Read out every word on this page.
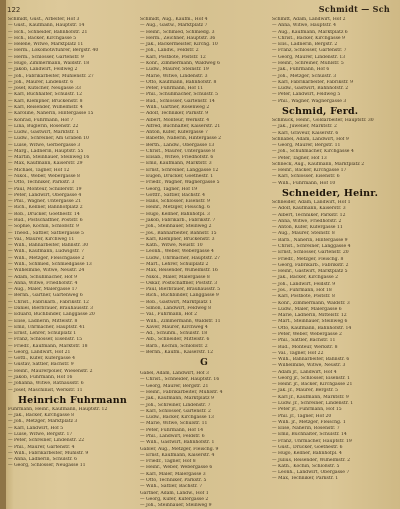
122	Schmidt — Sch
Schmidt, Gust., Arbeiter, Hof 3
— Gust., Kaufmann, Hauptstr. 14
— Hch., Schneider, Bahnhofstr. 21
— Hch., Bäcker, Kirchgasse 5
— Helene, Witwe, Marktplatz 11
— Herm., Lokomotivführer, Bergstr. 40
— Herm., Schlosser, Gartenstr. 9
— Hugo, Zimmermann, Waldstr. 18
— Jakob, Landwirt, Feldweg 2
— Joh., Fabrikarbeiter, Mühlenstr. 27
— Joh., Maurer, Lindenstr. 6
— Josef, Kutscher, Neugasse 33
— Karl, Buchhalter, Schulstr. 12
— Karl, Klempner, Brückenstr. 8
— Karl, Reisender, Wilhelmstr. 4
— Karoline, Näherin, Hintergasse 15
— Konrad, Fuhrmann, Hof 7
— Lina, Büglerin, Rosenstr. 22
— Ludw., Gastwirt, Marktstr. 1
— Ludw., Schreiner, Am Graben 10
— Luise, Witwe, Gerbergasse 3
— Marg., Ladnerin, Hauptstr. 55
— Martin, Steinhauer, Steinweg 16
— Max, Kaufmann, Kaiserstr. 29
— Michael, Tagner, Hof 12
— Nikol., Weber, Webergasse 8
— Otto, Techniker, Parkstr. 3
— Paul, Monteur, Schillerstr. 19
— Peter, Landwirt, Obergasse 4
— Phil., Wagner, Untergasse 21
— Rich., Kellner, Bahnhofplatz 2
— Rob., Drucker, Goethestr. 14
— Rud., Postschaffner, Poststr. 6
— Sophie, Köchin, Schloßstr. 9
— Theod., Sattler, Sattlergasse 5
— Val., Maurer, Kirchweg 11
— Wilh., Bahnarbeiter, Bahnstr. 30
— Wilh., Kaufmann, Ludwigstr. 7
— Wilh., Metzger, Fleischgasse 2
— Wilh., Schmied, Schmiedgasse 13
— Wilhelmine, Witwe, Neustr. 24
— Adam, Schuhmacher, Hof 9
— Anna, Witwe, Friedhofstr. 4
— Aug., Maler, Malergasse 17
— Bernh., Gärtner, Gartenweg 6
— Christ., Fabrikarb., Fabrikstr. 12
— Daniel, Bierbrauer, Brauhausstr. 3
— Eduard, Buchbinder, Langgasse 20
— Elise, Ladnerin, Mittelstr. 8
— Emil, Uhrmacher, Hauptstr. 41
— Ernst, Lehrer, Schulplatz 1
— Franz, Schlosser, Eisenstr. 15
— Friedr., Kaufmann, Marktstr. 18
— Georg, Landwirt, Hof 21
— Gottl., Küfer, Küfergasse 4
— Gustav, Sattler, Bachstr. 9
— Heinr., Maurerpolier, Wiesenstr. 2
— Jakob, Fuhrmann, Hof 16
— Johanna, Witwe, Rathausstr. 6
— Josef, Maschinist, Werkstr. 11
Heinrich Fuhrmann
Fuhrmann, Heinr., Kaufmann, Hauptstr. 12
— Jak., Bäcker, Kirchgasse 8
— Joh., Metzger, Marktplatz 3
— Karl, Landwirt, Hof 5
— Luise, Witwe, Bergstr. 17
— Peter, Schreiner, Lindenstr. 22
— Phil., Maurer, Gartenstr. 4
— Wilh., Fabrikarbeiter, Mühlstr. 9
— Anna, Ladnerin, Schulstr. 6
— Georg, Schlosser, Neugasse 11
Schmidt, Aug., Kaufm., Hof 4
— Aug., Gastw., Marktplatz 7
— Heinr., Schmied, Schmiedg. 3
— Herm., Zeichner, Hauptstr. 36
— Jak., Bäckermeister, Kirchg. 10
— Joh., Landw., Feldstr. 2
— Karl, Postbote, Poststr. 12
— Konr., Zimmermann, Waldweg 6
— Ludw., Maurer, Steinstr. 19
— Marie, Witwe, Lindenstr. 3
— Otto, Kaufmann, Bahnhofstr. 8
— Peter, Fuhrmann, Hof 11
— Phil., Schuhmacher, Schulstr. 5
— Rud., Schlosser, Gartenstr. 14
— Wilh., Gärtner, Rosenweg 2
— Adolf, Techniker, Parkstr. 9
— Albert, Monteur, Werkstr. 4
— Alfred, Buchhalter, Kaiserstr. 21
— Anton, Küfer, Küfergasse 7
— Babette, Näherin, Hintergasse 2
— Berth., Landw., Obergasse 13
— Christ., Maurer, Untergasse 8
— Elisab., Witwe, Friedhofstr. 6
— Emil, Kaufmann, Marktstr. 3
— Ernst, Schreiner, Langgasse 12
— Eugen, Drucker, Goethestr. 1
— Friedr., Wagner, Wagnergasse 5
— Georg, Tagner, Hof 19
— Gottfr., Sattler, Bachstr. 4
— Hans, Schlosser, Eisenstr. 9
— Heinr., Metzger, Fleischg. 6
— Hugo, Kellner, Bahnhofpl. 3
— Jakob, Fabrikarb., Fabrikstr. 7
— Joh., Steinhauer, Steinweg 2
— Jos., Bahnarbeiter, Bahnstr. 15
— Karl, Klempner, Brückenstr. 3
— Kath., Witwe, Neustr. 10
— Leonh., Weber, Webergasse 4
— Ludw., Uhrmacher, Hauptstr. 27
— Mart., Lehrer, Schulplatz 2
— Max, Reisender, Wilhelmstr. 16
— Nikol., Maler, Malergasse 8
— Oskar, Postschaffner, Poststr. 3
— Paul, Bierbrauer, Brauhausstr. 5
— Rich., Buchbinder, Langgasse 9
— Rob., Gastwirt, Marktplatz 1
— Simon, Landwirt, Feldweg 8
— Val., Fuhrmann, Hof 2
— Wilh., Zimmermann, Waldstr. 11
— Xaver, Maurer, Kirchweg 4
— Ad., Schuhm., Schulstr. 18
— Alb., Schneider, Mittelstr. 6
— Barb., Köchin, Schloßstr. 2
— Bernh., Kaufm., Kaiserstr. 12
G
Gabel, Adam, Landwirt, Hof 3
— Christ., Schneider, Hauptstr. 16
— Georg, Maurer, Bergstr. 21
— Heinr., Fabrikarbeiter, Mühlstr. 4
— Jak., Kaufmann, Marktplatz 9
— Joh., Schreiner, Lindenstr. 7
— Karl, Schlosser, Gartenstr. 2
— Ludw., Bäcker, Kirchgasse 13
— Marie, Witwe, Schulstr. 11
— Peter, Fuhrmann, Hof 14
— Phil., Landwirt, Feldstr. 6
— Wilh., Gastwirt, Bahnhofstr. 1
Gabler, Aug., Metzger, Fleischg. 9
— Ernst, Kaufmann, Kaiserstr. 4
— Friedr., Tagner, Hof 8
— Heinr., Weber, Webergasse 6
— Karl, Maler, Malergasse 3
— Otto, Techniker, Parkstr. 5
— Wilh., Sattler, Bachstr. 7
Gärtner, Adam, Landw., Hof 1
— Georg, Küfer, Küfergasse 2
— Joh., Steinhauer, Steinweg 9
Schmitt, Adam, Landwirt, Hof 2
— Anna, Witwe, Hauptstr. 4
— Aug., Kaufmann, Marktplatz 6
— Christ., Bäcker, Kirchgasse 9
— Elis., Ladnerin, Bergstr. 2
— Franz, Schlosser, Gartenstr. 7
— Georg, Maurer, Lindenstr. 13
— Heinr., Schreiner, Mühlstr. 5
— Jak., Fuhrmann, Hof 6
— Joh., Metzger, Schulstr. 3
— Karl, Fabrikarbeiter, Fabrikstr. 9
— Ludw., Gastwirt, Bahnhofstr. 2
— Peter, Landwirt, Feldweg 5
— Phil., Wagner, Wagnergasse 3
Schmid, Ferd.
Schmuck, Heinr., Goldarbeiter, Hauptstr. 30
— Jak., Juwelier, Marktstr. 2
— Karl, Graveur, Kaiserstr. 6
Schnabel, Adam, Landwirt, Hof 9
— Georg, Maurer, Bergstr. 11
— Joh., Schuhmacher, Kirchgasse 4
— Peter, Tagner, Hof 13
Schneck, Aug., Kaufmann, Marktplatz 2
— Heinr., Bäcker, Kirchgasse 17
— Karl, Schlosser, Eisenstr. 6
— Wilh., Fuhrmann, Hof 10
Schneider, Heinr.
Schneider, Adam, Landwirt, Hof 1
— Adolf, Kaufmann, Kaiserstr. 3
— Albert, Techniker, Parkstr. 12
— Anna, Witwe, Friedhofstr. 2
— Anton, Küfer, Küfergasse 11
— Aug., Maurer, Steinstr. 8
— Barb., Näherin, Hintergasse 9
— Christ., Schreiner, Langgasse 4
— Ernst, Schlosser, Gartenstr. 20
— Friedr., Metzger, Fleischg. 8
— Georg, Fabrikarb., Fabrikstr. 2
— Heinr., Gastwirt, Marktplatz 5
— Jak., Bäcker, Kirchgasse 2
— Joh., Landwirt, Feldstr. 9
— Jos., Fuhrmann, Hof 18
— Karl, Postbote, Poststr. 8
— Konr., Zimmermann, Waldstr. 3
— Ludw., Maler, Malergasse 6
— Marie, Ladnerin, Mittelstr. 12
— Mart., Steinhauer, Steinweg 6
— Otto, Kaufmann, Bahnhofstr. 14
— Peter, Weber, Webergasse 2
— Phil., Sattler, Bachstr. 11
— Rud., Monteur, Werkstr. 8
— Val., Tagner, Hof 22
— Wilh., Bahnarbeiter, Bahnstr. 6
— Wilhelmine, Witwe, Neustr. 3
— Adam jr., Landwirt, Hof 4
— Georg jr., Schlosser, Eisenstr. 1
— Heinr. jr., Bäcker, Kirchgasse 21
— Jak. jr., Maurer, Bergstr. 5
— Karl jr., Kaufmann, Marktstr. 9
— Ludw. jr., Schreiner, Lindenstr. 1
— Peter jr., Fuhrmann, Hof 15
— Phil. jr., Tagner, Hof 20
— Wilh. jr., Metzger, Fleischg. 1
— Elise, Näherin, Rosenstr. 7
— Emil, Buchhalter, Schulstr. 14
— Franz, Uhrmacher, Hauptstr. 19
— Gust., Drucker, Goethestr. 6
— Hugo, Kellner, Bahnhofpl. 4
— Julius, Reisender, Wilhelmstr. 2
— Kath., Köchin, Schloßstr. 5
— Leonh., Landwirt, Obergasse 7
— Max, Techniker, Parkstr. 1
